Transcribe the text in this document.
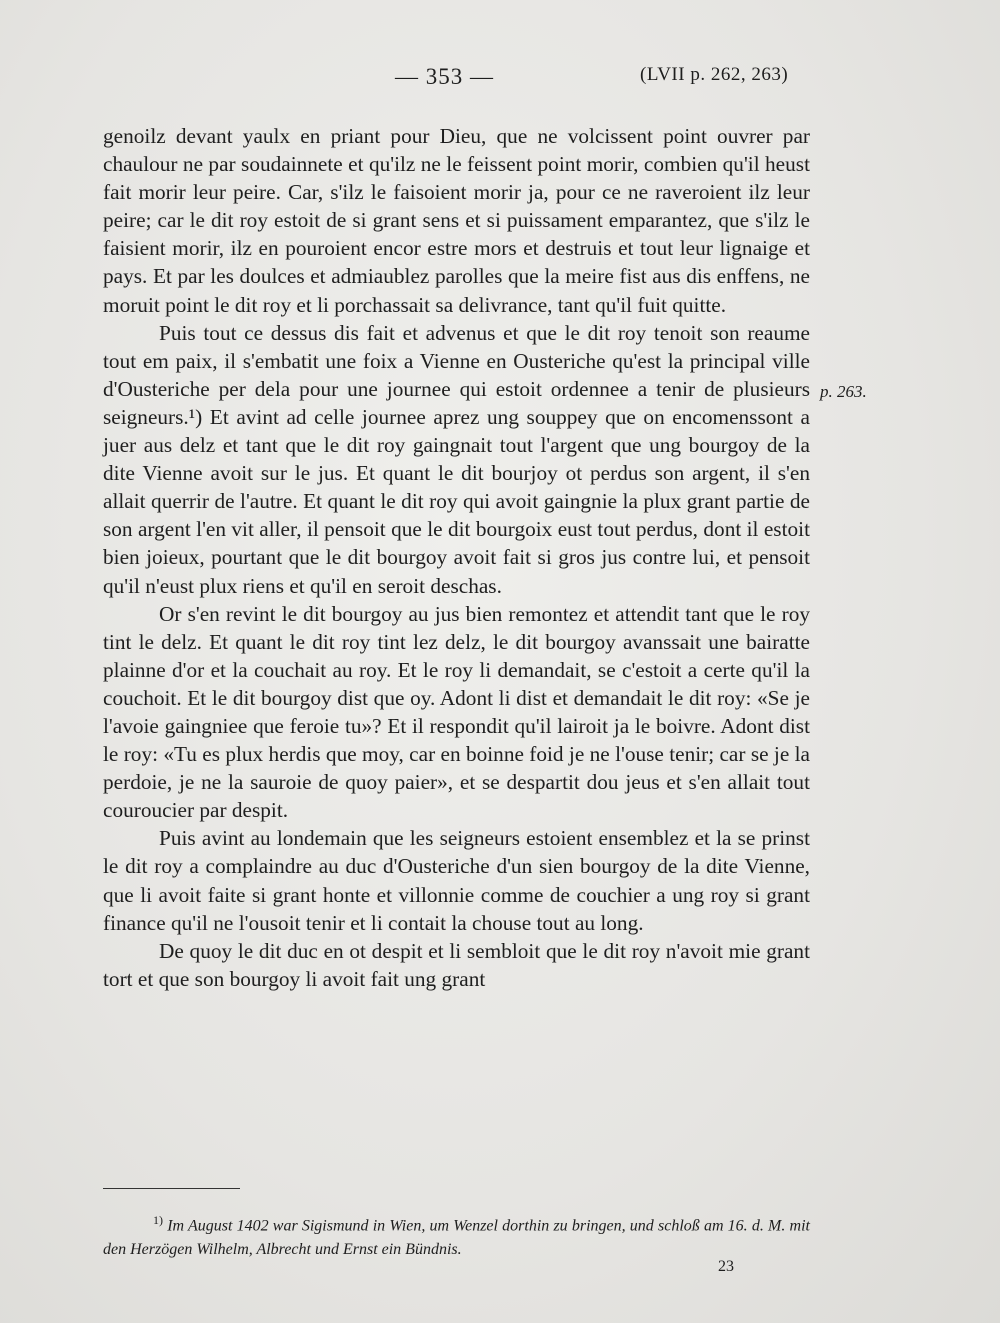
— 353 —	(LVII p. 262, 263)

genoilz devant yaulx en priant pour Dieu, que ne volcissent point ouvrer par chaulour ne par soudainnete et qu'ilz ne le feissent point morir, combien qu'il heust fait morir leur peire. Car, s'ilz le faisoient morir ja, pour ce ne raveroient ilz leur peire; car le dit roy estoit de si grant sens et si puissament emparantez, que s'ilz le faisient morir, ilz en pouroient encor estre mors et destruis et tout leur lignaige et pays. Et par les doulces et admiaublez parolles que la meire fist aus dis enffens, ne moruit point le dit roy et li porchassait sa delivrance, tant qu'il fuit quitte.

Puis tout ce dessus dis fait et advenus et que le dit roy tenoit son reaume tout em paix, il s'embatit une foix a Vienne en Ousteriche qu'est la principal ville d'Ousteriche per dela pour une journee qui estoit ordennee a tenir de plusieurs seigneurs.¹) Et avint ad celle journee aprez ung souppey que on encomenssont a juer aus delz et tant que le dit roy gaingnait tout l'argent que ung bourgoy de la dite Vienne avoit sur le jus. Et quant le dit bourjoy ot perdus son argent, il s'en allait querrir de l'autre. Et quant le dit roy qui avoit gaingnie la plux grant partie de son argent l'en vit aller, il pensoit que le dit bourgoix eust tout perdus, dont il estoit bien joieux, pourtant que le dit bourgoy avoit fait si gros jus contre lui, et pensoit qu'il n'eust plux riens et qu'il en seroit deschas.

Or s'en revint le dit bourgoy au jus bien remontez et attendit tant que le roy tint le delz. Et quant le dit roy tint lez delz, le dit bourgoy avanssait une bairatte plainne d'or et la couchait au roy. Et le roy li demandait, se c'estoit a certe qu'il la couchoit. Et le dit bourgoy dist que oy. Adont li dist et demandait le dit roy: «Se je l'avoie gaingniee que feroie tu»? Et il respondit qu'il lairoit ja le boivre. Adont dist le roy: «Tu es plux herdis que moy, car en boinne foid je ne l'ouse tenir; car se je la perdoie, je ne la sauroie de quoy paier», et se despartit dou jeus et s'en allait tout couroucier par despit.

Puis avint au londemain que les seigneurs estoient ensemblez et la se prinst le dit roy a complaindre au duc d'Ousteriche d'un sien bourgoy de la dite Vienne, que li avoit faite si grant honte et villonnie comme de couchier a ung roy si grant finance qu'il ne l'ousoit tenir et li contait la chouse tout au long.

De quoy le dit duc en ot despit et li sembloit que le dit roy n'avoit mie grant tort et que son bourgoy li avoit fait ung grant

p. 263.
$^{1)}$ Im August 1402 war Sigismund in Wien, um Wenzel dorthin zu bringen, und schloß am 16. d. M. mit den Herzögen Wilhelm, Albrecht und Ernst ein Bündnis.
23
